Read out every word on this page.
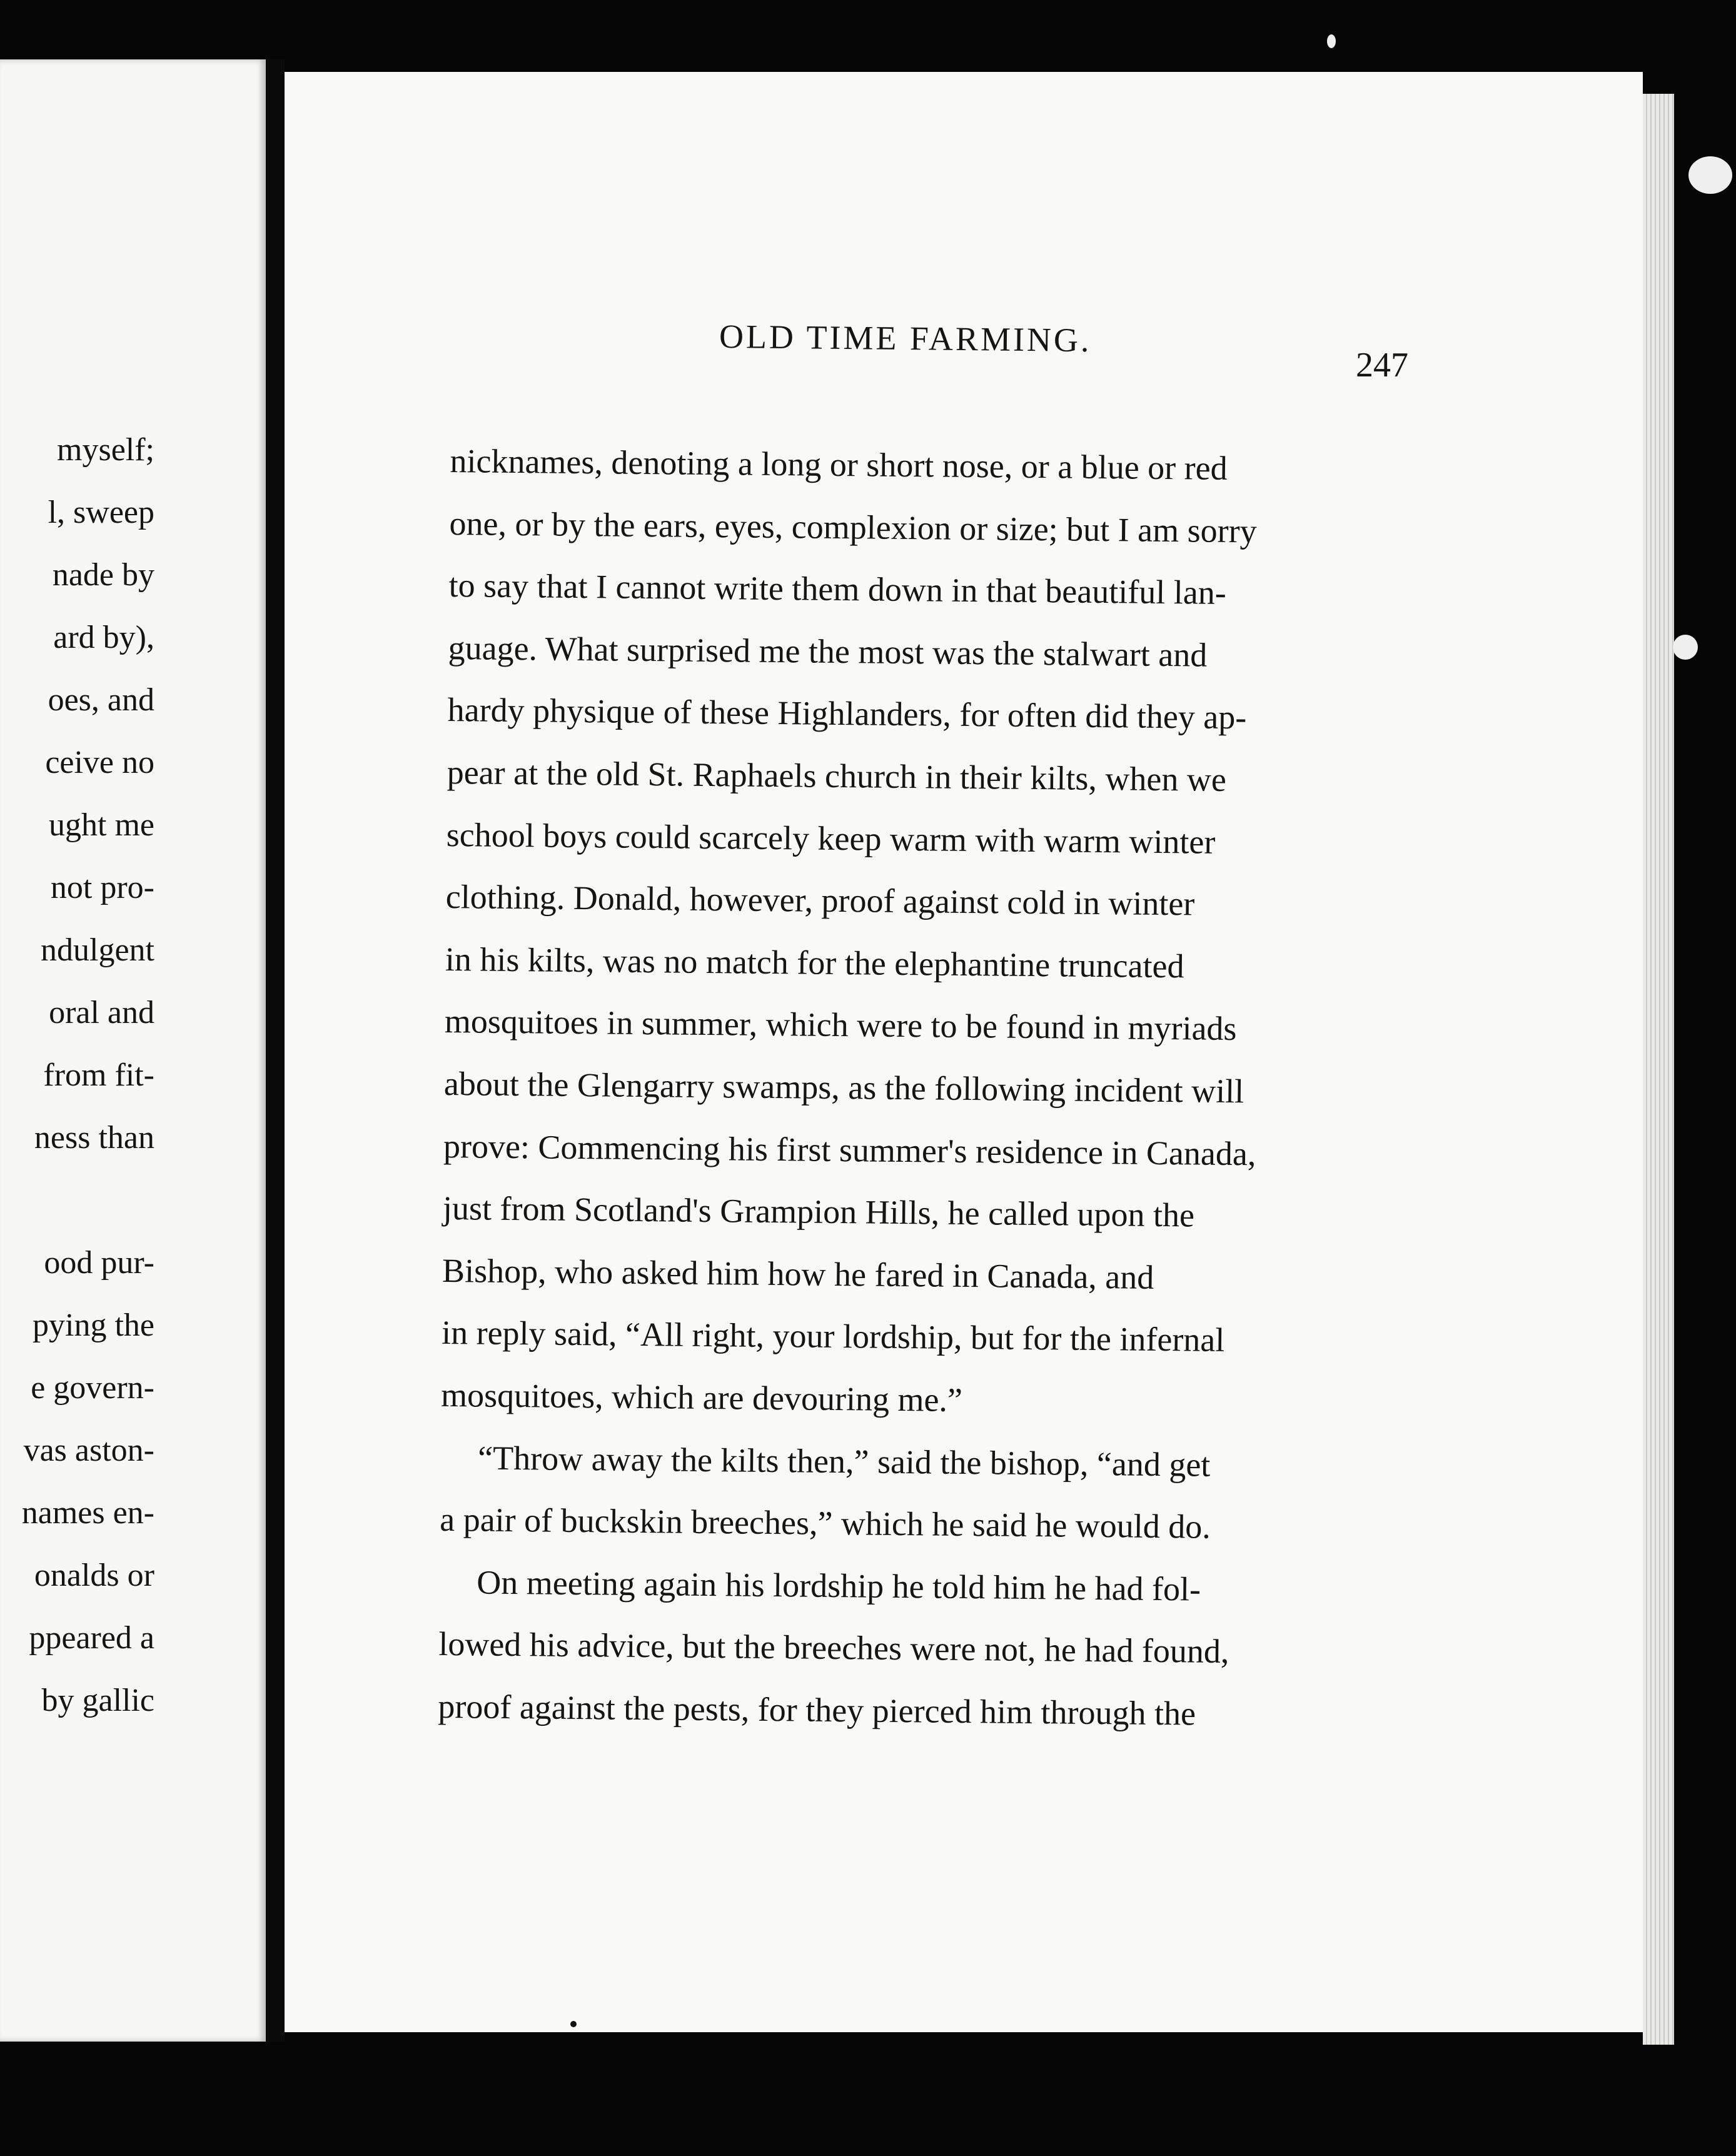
myself;
l, sweep
nade by
ard by),
oes, and
ceive no
ught me
not pro-
ndulgent
oral and
from fit-
ness than
ood pur-
pying the
e govern-
vas aston-
names en-
onalds or
ppeared a
by gallic
OLD TIME FARMING.
247
nicknames, denoting a long or short nose, or a blue or red
one, or by the ears, eyes, complexion or size; but I am sorry
to say that I cannot write them down in that beautiful lan-
guage. What surprised me the most was the stalwart and
hardy physique of these Highlanders, for often did they ap-
pear at the old St. Raphaels church in their kilts, when we
school boys could scarcely keep warm with warm winter
clothing. Donald, however, proof against cold in winter
in his kilts, was no match for the elephantine truncated
mosquitoes in summer, which were to be found in myriads
about the Glengarry swamps, as the following incident will
prove: Commencing his first summer's residence in Canada,
just from Scotland's Grampion Hills, he called upon the
Bishop, who asked him how he fared in Canada, and
in reply said, “All right, your lordship, but for the infernal
mosquitoes, which are devouring me.”
“Throw away the kilts then,” said the bishop, “and get
a pair of buckskin breeches,” which he said he would do.
On meeting again his lordship he told him he had fol-
lowed his advice, but the breeches were not, he had found,
proof against the pests, for they pierced him through the
